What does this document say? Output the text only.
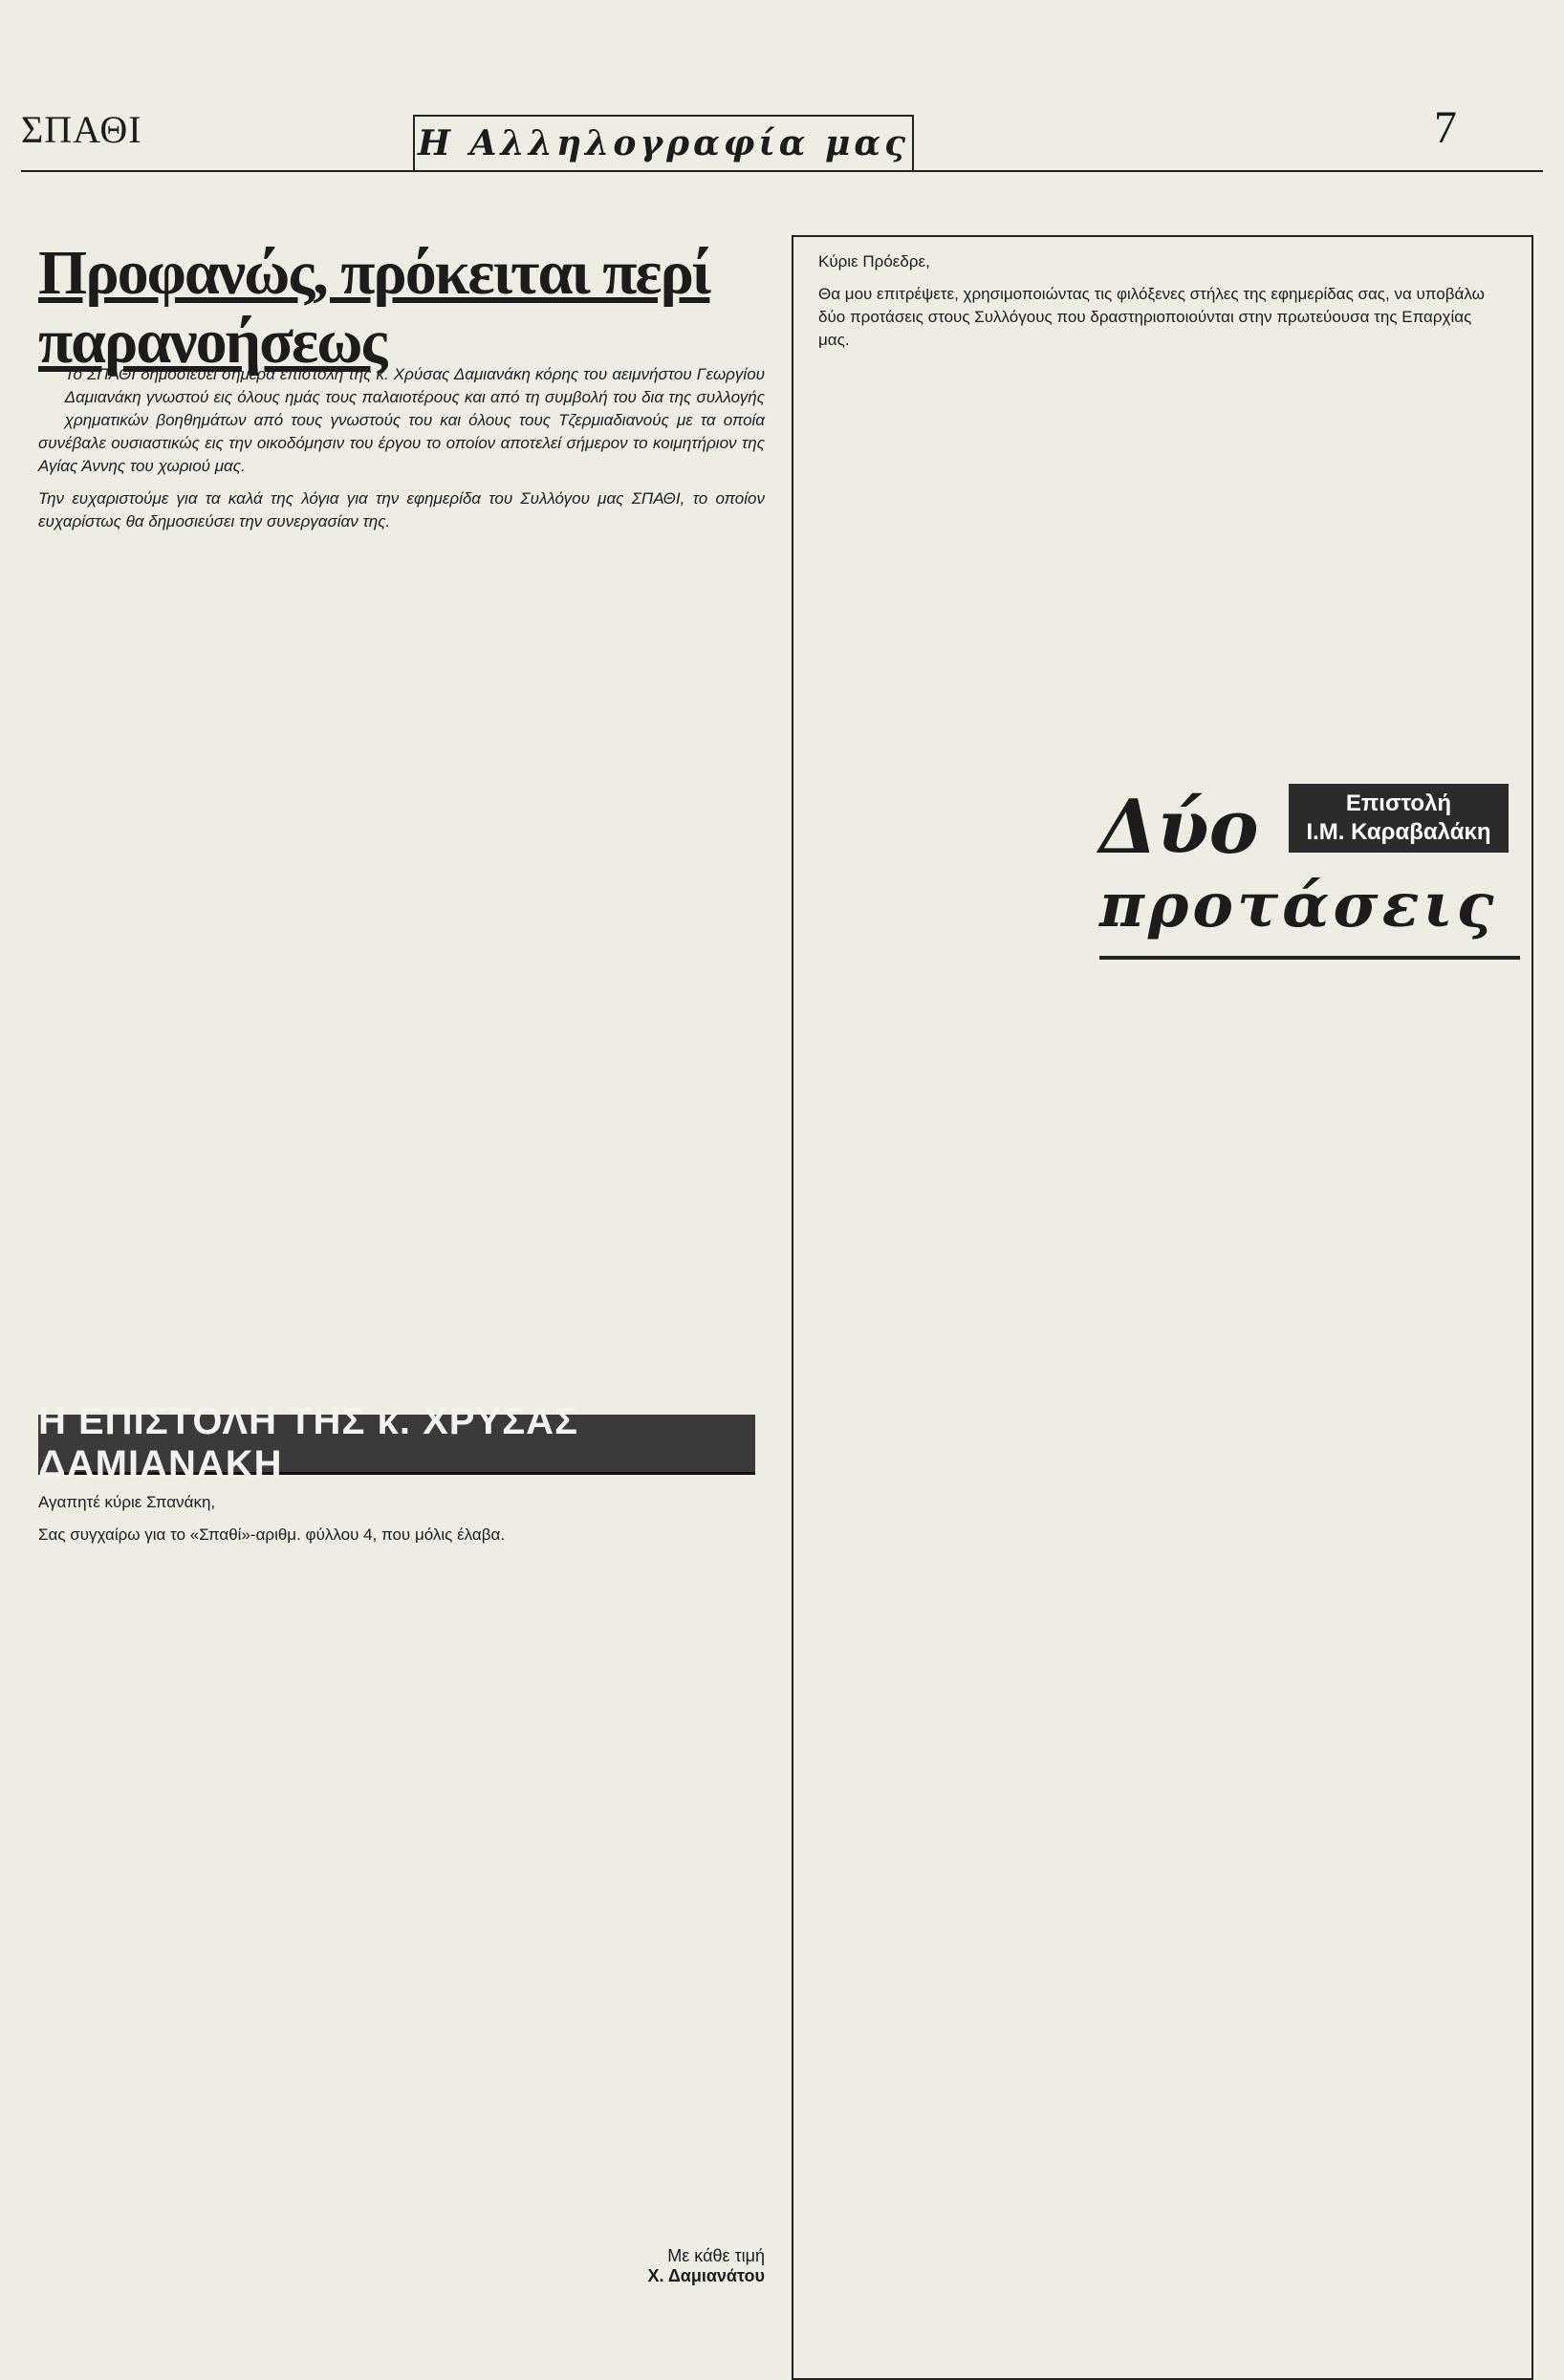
ΣΠΑΘΙ	Η Αλληλογραφία μας	7
Προφανώς, πρόκειται περί παρανοήσεως

Το ΣΠΑΘΙ δημοσιεύει σήμερα επιστολή της κ. Χρύσας Δαμιανάκη κόρης του αειμνήστου Γεωργίου Δαμιανάκη γνωστού εις όλους ημάς τους παλαιοτέρους και από τη συμβολή του δια της συλλογής χρηματικών βοηθημάτων από τους γνωστούς του και όλους τους Τζερμιαδιανούς με τα οποία συνέβαλε ουσιαστικώς εις την οικοδόμησιν του έργου το οποίον αποτελεί σήμερον το κοιμητήριον της Αγίας Άννης του χωριού μας.

Την ευχαριστούμε για τα καλά της λόγια για την εφημερίδα του Συλλόγου μας ΣΠΑΘΙ, το οποίον ευχαρίστως θα δημοσιεύσει την συνεργασίαν της.

Κύριε Πρόεδρε,

Θα μου επιτρέψετε, χρησιμοποιώντας τις φιλόξενες στήλες της εφημερίδας σας, να υποβάλω δύο προτάσεις στους Συλλόγους που δραστηριοποιούνται στην πρωτεύουσα της Επαρχίας μας.

Δύο
προτάσεις
Επιστολή
Ι.Μ. Καραβαλάκη
Η ΕΠΙΣΤΟΛΗ ΤΗΣ κ. ΧΡΥΣΑΣ ΔΑΜΙΑΝΑΚΗ

Αγαπητέ κύριε Σπανάκη,

Σας συγχαίρω για το «Σπαθί»-αριθμ. φύλλου 4, που μόλις έλαβα.

Με κάθε τιμή
Χ. Δαμιανάτου
